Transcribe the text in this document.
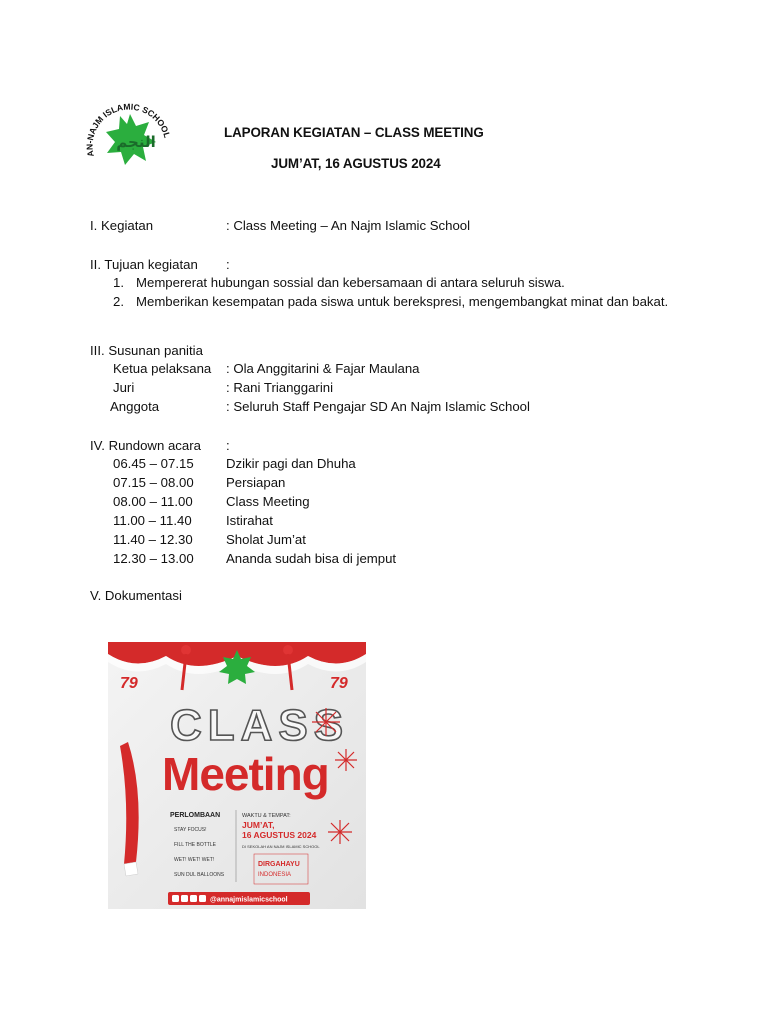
AN-NAJM ISLAMIC SCHOO
النجم
LAPORAN KEGIATAN – CLASS MEETING
JUM’AT, 16 AGUSTUS 2024
I. Kegiatan	: Class Meeting – An Najm Islamic School
II. Tujuan kegiatan :
1. Mempererat hubungan sossial dan kebersamaan di antara seluruh siswa.
2. Memberikan kesempatan pada siswa untuk berekspresi, mengembangkat minat dan bakat.
III. Susunan panitia
Ketua pelaksana : Ola Anggitarini & Fajar Maulana
Juri	: Rani Trianggarini
Anggota	: Seluruh Staff Pengajar SD An Najm Islamic School
IV. Rundown acara :
06.45 – 07.15 Dzikir pagi dan Dhuha
07.15 – 08.00 Persiapan
08.00 – 11.00	Class Meeting
11.00 – 11.40	Istirahat
11.40 – 12.30	Sholat Jum’at
12.30 – 13.00 Ananda sudah bisa di jemput
V. Dokumentasi
79	79
CLASS
Meeting
PERLOMBAAN
STAY FOCUS!
FILL THE BOTTLE
WET! WET! WET!
SUN DUL BALLOONS
WAKTU & TEMPAT:
JUM’AT,
16 AGUSTUS 2024
DI SEKOLAH AN NAJM ISLAMIC SCHOOL
DIRGAHAYU
INDONESIA
@annajmislamicschool
